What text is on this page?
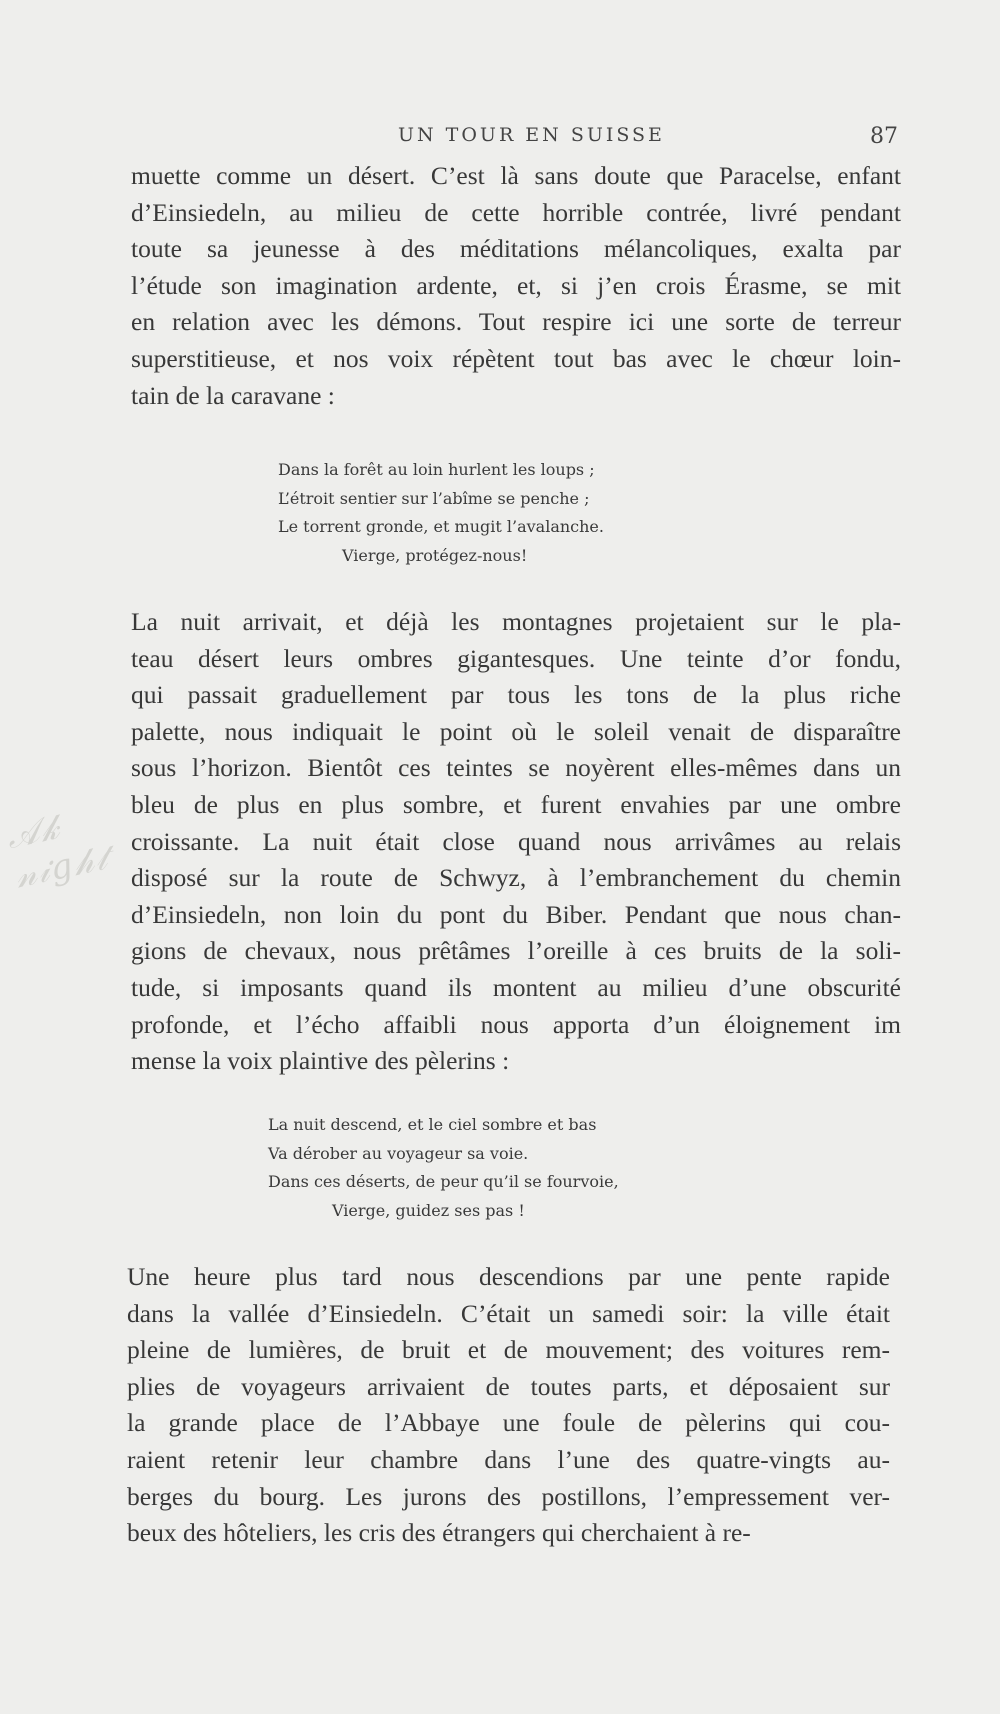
𝒜𝓀 𝓃𝒾𝑔𝒽𝓉
UN TOUR EN SUISSE	87
muette comme un désert. C’est là sans doute que Paracelse, enfant
d’Einsiedeln, au milieu de cette horrible contrée, livré pendant
toute sa jeunesse à des méditations mélancoliques, exalta par
l’étude son imagination ardente, et, si j’en crois Érasme, se mit
en relation avec les démons. Tout respire ici une sorte de terreur
superstitieuse, et nos voix répètent tout bas avec le chœur loin-
tain de la caravane :
Dans la forêt au loin hurlent les loups ;
L’étroit sentier sur l’abîme se penche ;
Le torrent gronde, et mugit l’avalanche.
Vierge, protégez-nous!
La nuit arrivait, et déjà les montagnes projetaient sur le pla-
teau désert leurs ombres gigantesques. Une teinte d’or fondu,
qui passait graduellement par tous les tons de la plus riche
palette, nous indiquait le point où le soleil venait de disparaître
sous l’horizon. Bientôt ces teintes se noyèrent elles-mêmes dans un
bleu de plus en plus sombre, et furent envahies par une ombre
croissante. La nuit était close quand nous arrivâmes au relais
disposé sur la route de Schwyz, à l’embranchement du chemin
d’Einsiedeln, non loin du pont du Biber. Pendant que nous chan-
gions de chevaux, nous prêtâmes l’oreille à ces bruits de la soli-
tude, si imposants quand ils montent au milieu d’une obscurité
profonde, et l’écho affaibli nous apporta d’un éloignement im
mense la voix plaintive des pèlerins :
La nuit descend, et le ciel sombre et bas
Va dérober au voyageur sa voie.
Dans ces déserts, de peur qu’il se fourvoie,
Vierge, guidez ses pas !
Une heure plus tard nous descendions par une pente rapide
dans la vallée d’Einsiedeln. C’était un samedi soir: la ville était
pleine de lumières, de bruit et de mouvement; des voitures rem-
plies de voyageurs arrivaient de toutes parts, et déposaient sur
la grande place de l’Abbaye une foule de pèlerins qui cou-
raient retenir leur chambre dans l’une des quatre-vingts au-
berges du bourg. Les jurons des postillons, l’empressement ver-
beux des hôteliers, les cris des étrangers qui cherchaient à re-
